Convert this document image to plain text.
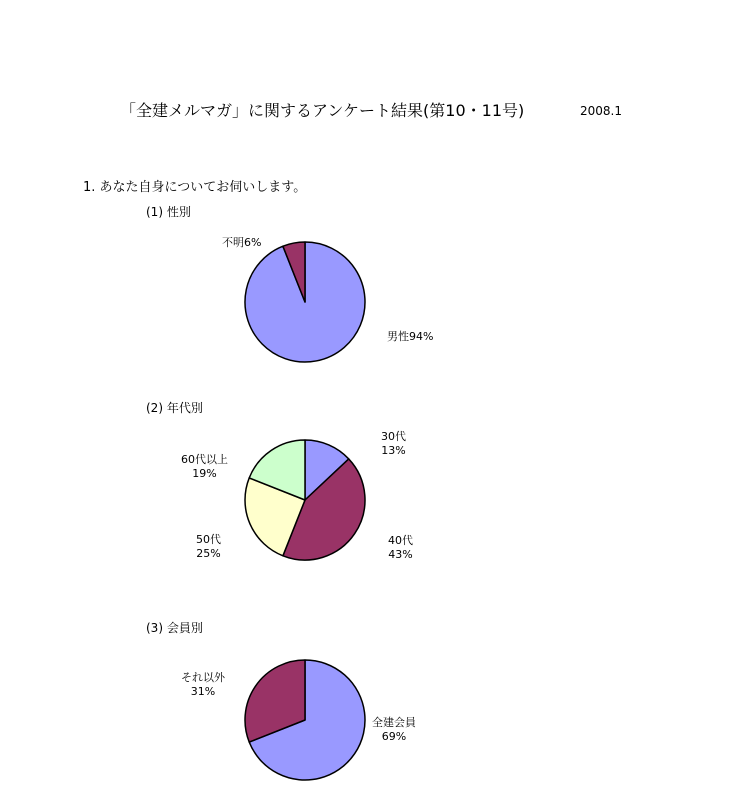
「全建メルマガ」に関するアンケート結果(第10・11号)	2008.1
1. あなた自身についてお伺いします。
(1) 性別
不明6%
男性94%
(2) 年代別
30代
13%
40代
43%
50代
25%
60代以上
19%
(3) 会員別
それ以外
31%
全建会員
69%
